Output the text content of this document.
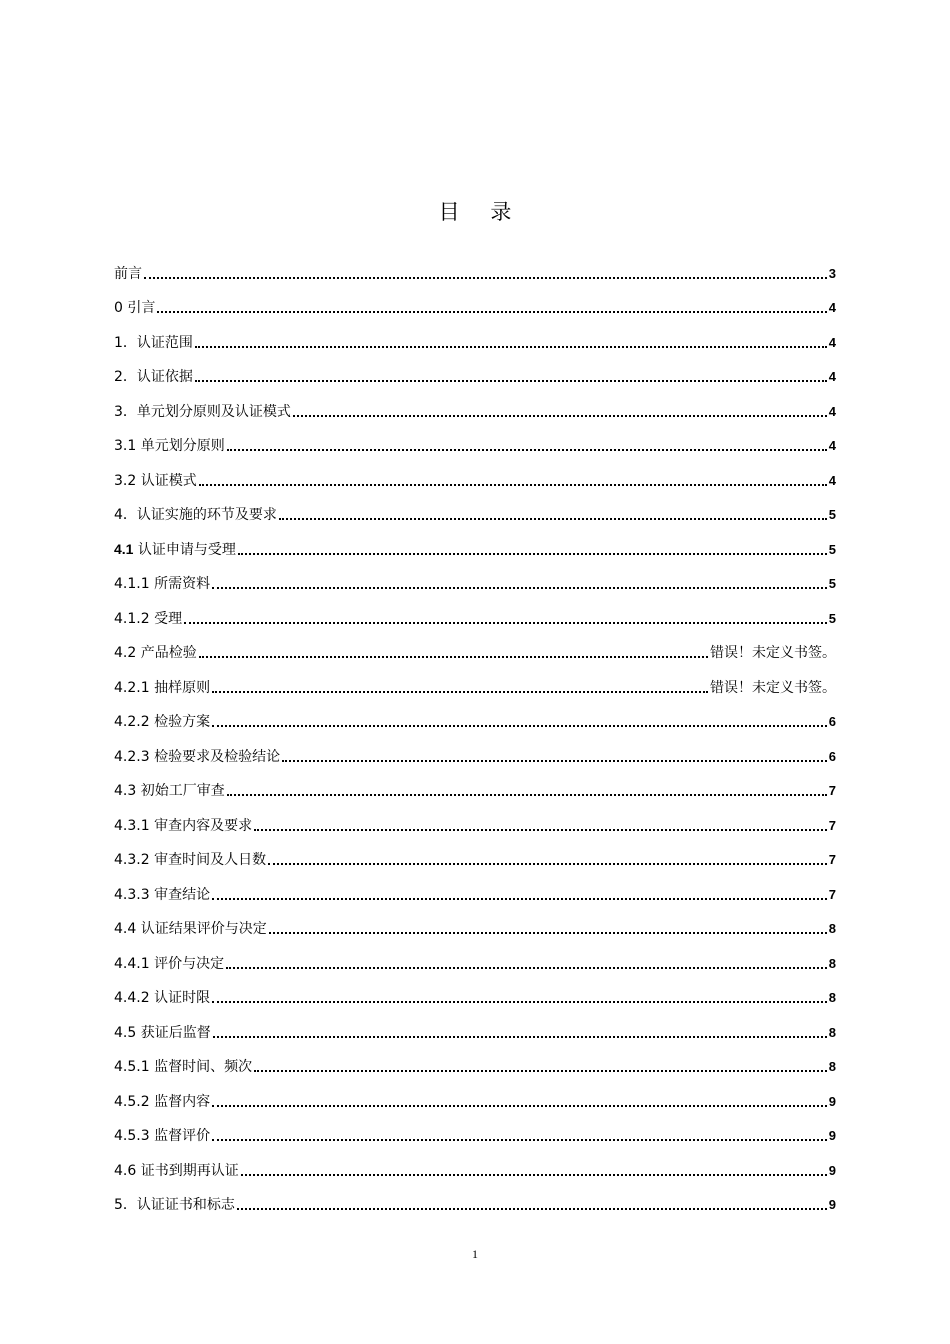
目 录
前言	3
0 引言	4
1．认证范围	4
2．认证依据	4
3．单元划分原则及认证模式	4
3.1 单元划分原则	4
3.2 认证模式	4
4．认证实施的环节及要求	5
4.1 认证申请与受理	5
4.1.1 所需资料	5
4.1.2 受理	5
4.2 产品检验	错误！未定义书签。
4.2.1 抽样原则	错误！未定义书签。
4.2.2 检验方案	6
4.2.3 检验要求及检验结论	6
4.3 初始工厂审查	7
4.3.1 审查内容及要求	7
4.3.2 审查时间及人日数	7
4.3.3 审查结论	7
4.4 认证结果评价与决定	8
4.4.1 评价与决定	8
4.4.2 认证时限	8
4.5 获证后监督	8
4.5.1 监督时间、频次	8
4.5.2 监督内容	9
4.5.3 监督评价	9
4.6 证书到期再认证	9
5．认证证书和标志	9
1
